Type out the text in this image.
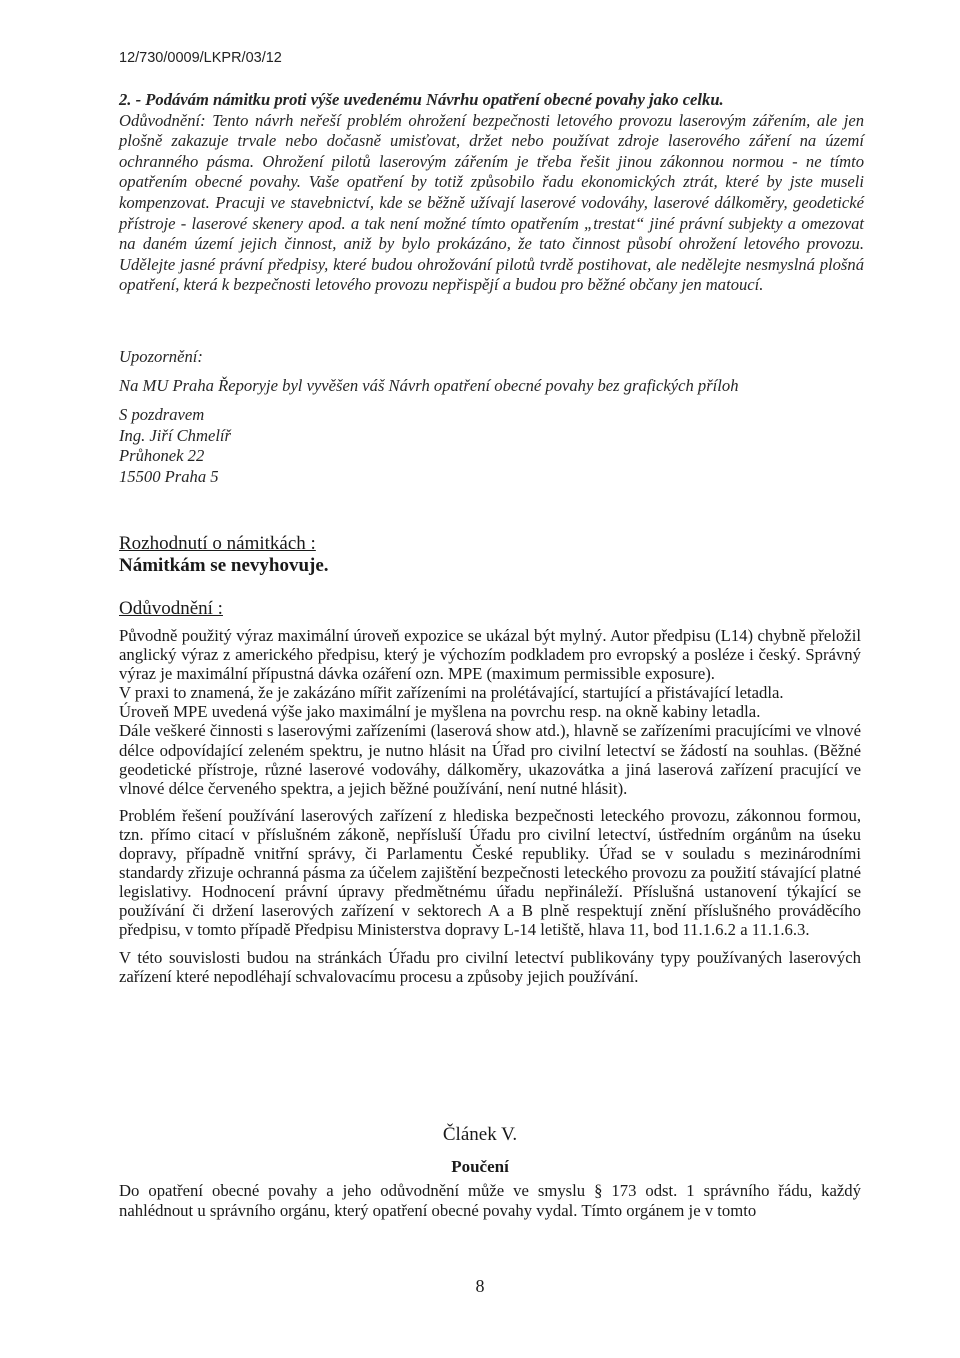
12/730/0009/LKPR/03/12

2. - Podávám námitku proti výše uvedenému Návrhu opatření obecné povahy jako celku.

Odůvodnění: Tento návrh neřeší problém ohrožení bezpečnosti letového provozu laserovým zářením, ale jen plošně zakazuje trvale nebo dočasně umisťovat, držet nebo používat zdroje laserového záření na území ochranného pásma. Ohrožení pilotů laserovým zářením je třeba řešit jinou zákonnou normou - ne tímto opatřením obecné povahy. Vaše opatření by totiž způsobilo řadu ekonomických ztrát, které by jste museli kompenzovat. Pracuji ve stavebnictví, kde se běžně užívají laserové vodováhy, laserové dálkoměry, geodetické přístroje - laserové skenery apod. a tak není možné tímto opatřením „trestat“ jiné právní subjekty a omezovat na daném území jejich činnost, aniž by bylo prokázáno, že tato činnost působí ohrožení letového provozu. Udělejte jasné právní předpisy, které budou ohrožování pilotů tvrdě postihovat, ale nedělejte nesmyslná plošná opatření, která k bezpečnosti letového provozu nepřispějí a budou pro běžné občany jen matoucí.

Upozornění:
Na MU Praha Řeporyje byl vyvěšen váš Návrh opatření obecné povahy bez grafických příloh
S pozdravem
Ing. Jiří Chmelíř
Průhonek 22
15500 Praha 5
Rozhodnutí o námitkách :
Námitkám se nevyhovuje.
Odůvodnění :

Původně použitý výraz maximální úroveň expozice se ukázal být mylný. Autor předpisu (L14) chybně přeložil anglický výraz z amerického předpisu, který je výchozím podkladem pro evropský a posléze i český. Správný výraz je maximální přípustná dávka ozáření ozn. MPE (maximum permissible exposure).

V praxi to znamená, že je zakázáno mířit zařízeními na prolétávající, startující a přistávající letadla.

Úroveň MPE uvedená výše jako maximální je myšlena na povrchu resp. na okně kabiny letadla.

Dále veškeré činnosti s laserovými zařízeními (laserová show atd.), hlavně se zařízeními pracujícími ve vlnové délce odpovídající zeleném spektru, je nutno hlásit na Úřad pro civilní letectví se žádostí na souhlas. (Běžné geodetické přístroje, různé laserové vodováhy, dálkoměry, ukazovátka a jiná laserová zařízení pracující ve vlnové délce červeného spektra, a jejich běžné používání, není nutné hlásit).

Problém řešení používání laserových zařízení z hlediska bezpečnosti leteckého provozu, zákonnou formou, tzn. přímo citací v příslušném zákoně, nepřísluší Úřadu pro civilní letectví, ústředním orgánům na úseku dopravy, případně vnitřní správy, či Parlamentu České republiky. Úřad se v souladu s mezinárodními standardy zřizuje ochranná pásma za účelem zajištění bezpečnosti leteckého provozu za použití stávající platné legislativy. Hodnocení právní úpravy předmětnému úřadu nepřináleží. Příslušná ustanovení týkající se používání či držení laserových zařízení v sektorech A a B plně respektují znění příslušného prováděcího předpisu, v tomto případě Předpisu Ministerstva dopravy L-14 letiště, hlava 11, bod 11.1.6.2 a 11.1.6.3.

V této souvislosti budou na stránkách Úřadu pro civilní letectví publikovány typy používaných laserových zařízení které nepodléhají schvalovacímu procesu a způsoby jejich používání.

Článek V.
Poučení
Do opatření obecné povahy a jeho odůvodnění může ve smyslu § 173 odst. 1 správního řádu, každý nahlédnout u správního orgánu, který opatření obecné povahy vydal. Tímto orgánem je v tomto
8
